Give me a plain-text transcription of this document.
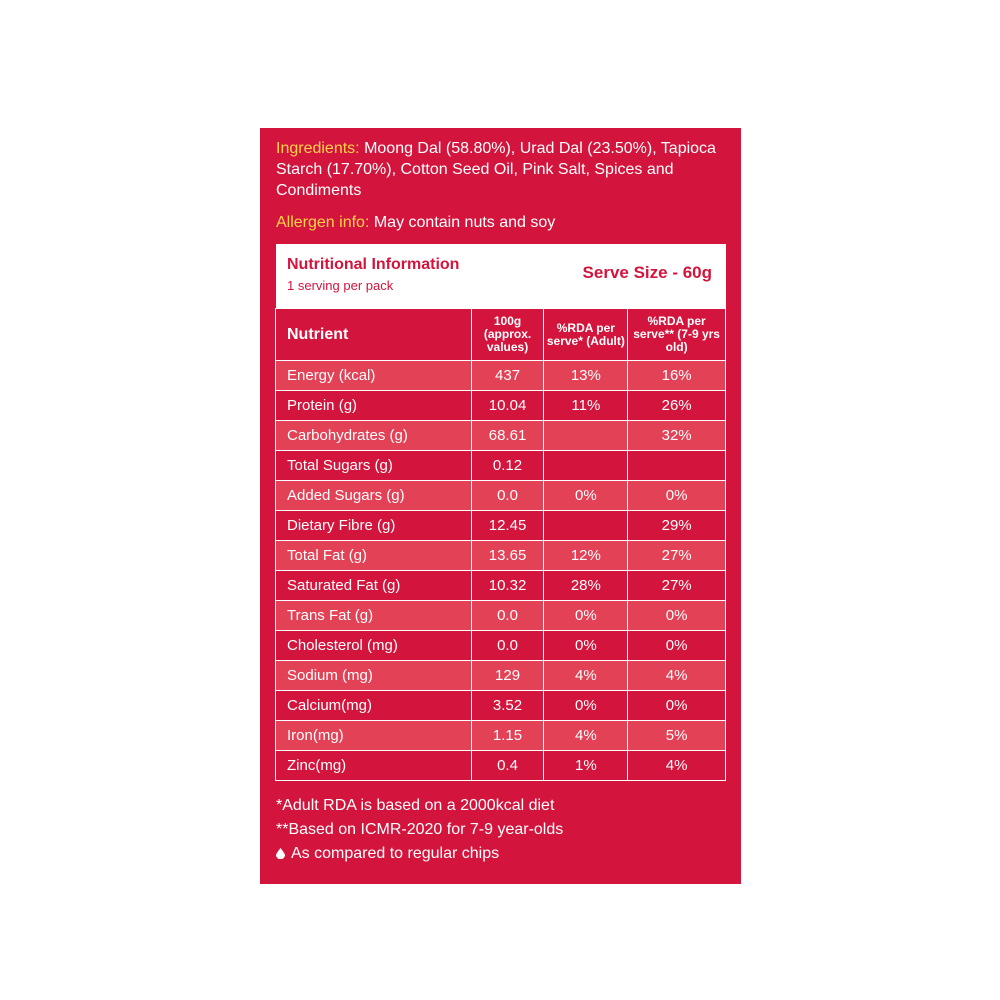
Ingredients: Moong Dal (58.80%), Urad Dal (23.50%), Tapioca Starch (17.70%), Cotton Seed Oil, Pink Salt, Spices and Condiments
Allergen info: May contain nuts and soy
Nutritional Information
1 serving per pack
Serve Size - 60g
Nutrient	100g (approx. values)	%RDA per serve* (Adult)	%RDA per serve** (7-9 yrs old)
Energy (kcal)	437	13%	16%
Protein (g)	10.04	11%	26%
Carbohydrates (g)	68.61		32%
Total Sugars (g)	0.12		
Added Sugars (g)	0.0	0%	0%
Dietary Fibre (g)	12.45		29%
Total Fat (g)	13.65	12%	27%
Saturated Fat (g)	10.32	28%	27%
Trans Fat (g)	0.0	0%	0%
Cholesterol (mg)	0.0	0%	0%
Sodium (mg)	129	4%	4%
Calcium(mg)	3.52	0%	0%
Iron(mg)	1.15	4%	5%
Zinc(mg)	0.4	1%	4%
*Adult RDA is based on a 2000kcal diet
**Based on ICMR-2020 for 7-9 year-olds
As compared to regular chips
